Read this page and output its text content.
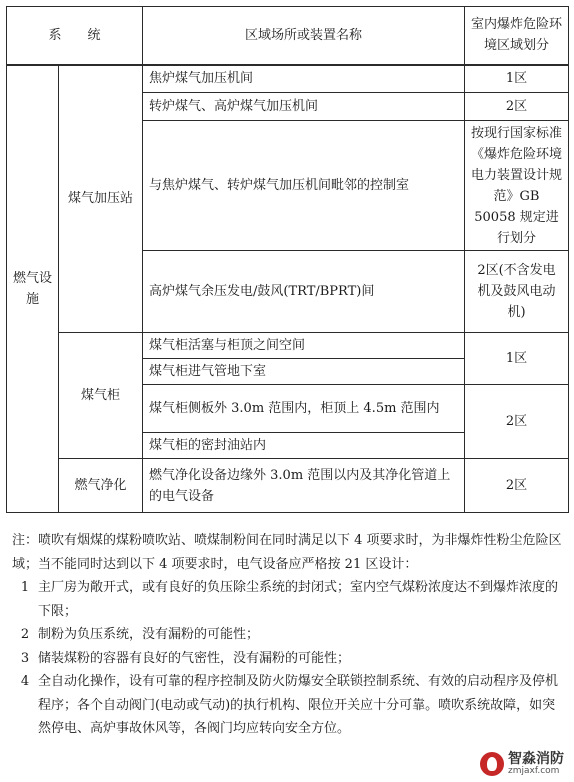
系　　统		区域场所或装置名称	室内爆炸危险环境区域划分
燃气设施	煤气加压站	焦炉煤气加压机间	1区
		转炉煤气、高炉煤气加压机间	2区
		与焦炉煤气、转炉煤气加压机间毗邻的控制室	按现行国家标准《爆炸危险环境电力装置设计规范》GB 50058 规定进行划分
		高炉煤气余压发电/鼓风(TRT/BPRT)间	2区(不含发电机及鼓风电动机)
	煤气柜	煤气柜活塞与柜顶之间空间	1区
		煤气柜进气管地下室	
		煤气柜侧板外 3.0m 范围内，柜顶上 4.5m 范围内	2区
		煤气柜的密封油站内	
	燃气净化	燃气净化设备边缘外 3.0m 范围以内及其净化管道上的电气设备	2区

注：喷吹有烟煤的煤粉喷吹站、喷煤制粉间在同时满足以下 4 项要求时，为非爆炸性粉尘危险区域；当不能同时达到以下 4 项要求时，电气设备应严格按 21 区设计：

1 主厂房为敞开式，或有良好的负压除尘系统的封闭式；室内空气煤粉浓度达不到爆炸浓度的下限；
2 制粉为负压系统，没有漏粉的可能性；
3 储装煤粉的容器有良好的气密性，没有漏粉的可能性；
4 全自动化操作，设有可靠的程序控制及防火防爆安全联锁控制系统、有效的启动程序及停机程序；各个自动阀门(电动或气动)的执行机构、限位开关应十分可靠。喷吹系统故障，如突然停电、高炉事故休风等，各阀门均应转向安全方位。
智淼消防
zmjaxf.com
